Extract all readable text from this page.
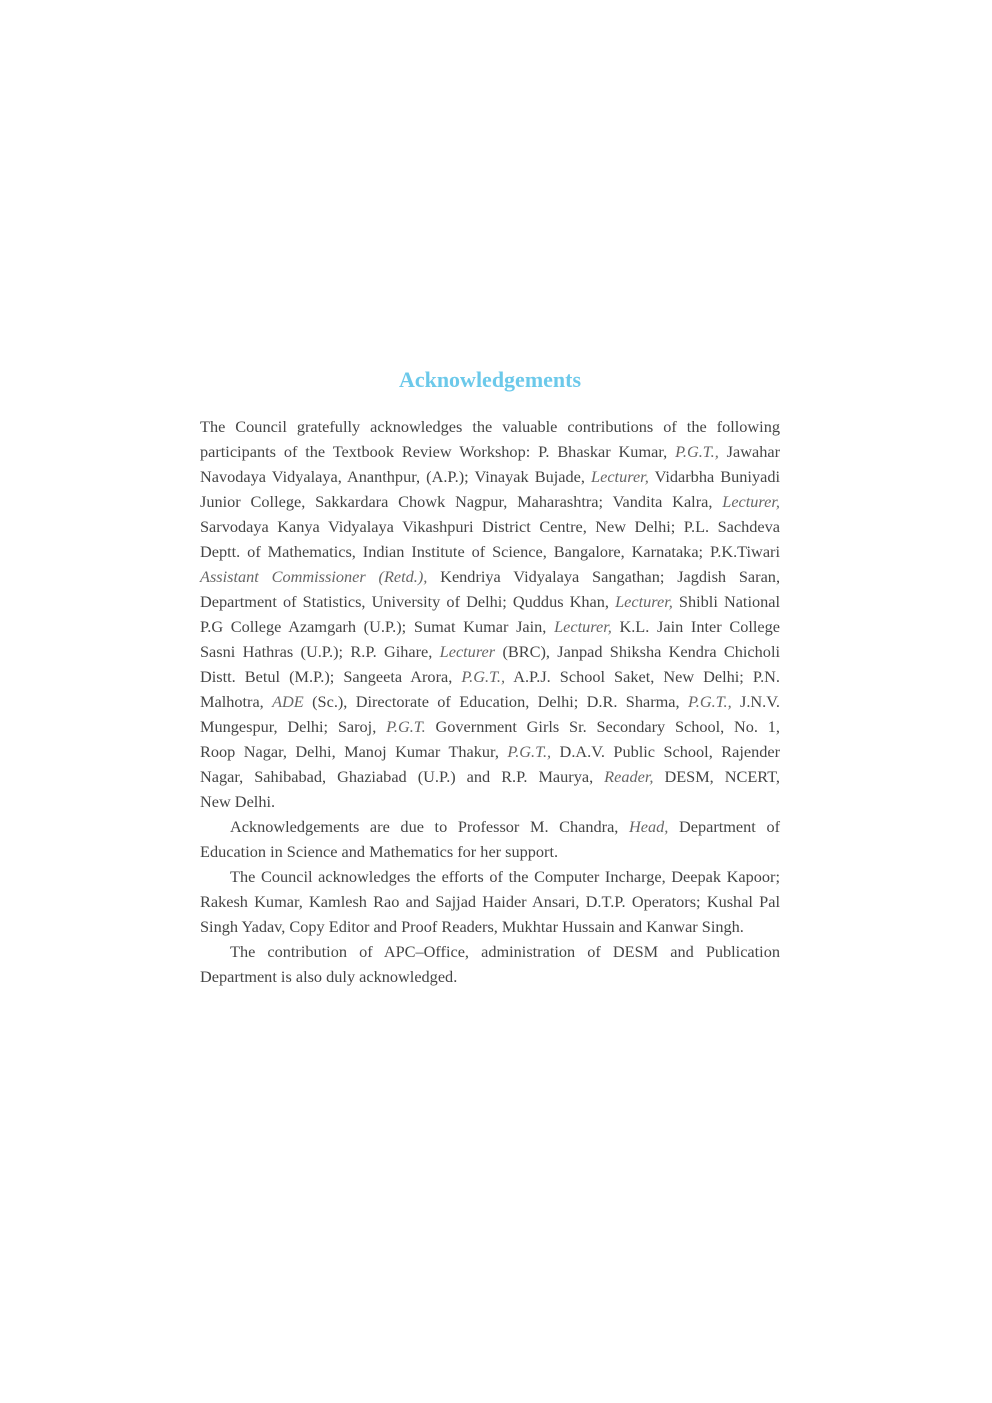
Acknowledgements
The Council gratefully acknowledges the valuable contributions of the following
participants of the Textbook Review Workshop: P. Bhaskar Kumar, P.G.T., Jawahar
Navodaya Vidyalaya, Ananthpur, (A.P.); Vinayak Bujade, Lecturer, Vidarbha Buniyadi
Junior College, Sakkardara Chowk Nagpur, Maharashtra; Vandita Kalra, Lecturer,
Sarvodaya Kanya Vidyalaya Vikashpuri District Centre, New Delhi; P.L. Sachdeva
Deptt. of Mathematics, Indian Institute of Science, Bangalore, Karnataka; P.K.Tiwari
Assistant Commissioner (Retd.), Kendriya Vidyalaya Sangathan; Jagdish Saran,
Department of Statistics, University of Delhi; Quddus Khan, Lecturer, Shibli National
P.G College Azamgarh (U.P.); Sumat Kumar Jain, Lecturer, K.L. Jain Inter College
Sasni Hathras (U.P.); R.P. Gihare, Lecturer (BRC), Janpad Shiksha Kendra Chicholi
Distt. Betul (M.P.); Sangeeta Arora, P.G.T., A.P.J. School Saket, New Delhi; P.N.
Malhotra, ADE (Sc.), Directorate of Education, Delhi; D.R. Sharma, P.G.T., J.N.V.
Mungespur, Delhi; Saroj, P.G.T. Government Girls Sr. Secondary School, No. 1,
Roop Nagar, Delhi, Manoj Kumar Thakur, P.G.T., D.A.V. Public School, Rajender
Nagar, Sahibabad, Ghaziabad (U.P.) and R.P. Maurya, Reader, DESM, NCERT,
New Delhi.
Acknowledgements are due to Professor M. Chandra, Head, Department of
Education in Science and Mathematics for her support.
The Council acknowledges the efforts of the Computer Incharge, Deepak Kapoor;
Rakesh Kumar, Kamlesh Rao and Sajjad Haider Ansari, D.T.P. Operators; Kushal Pal
Singh Yadav, Copy Editor and Proof Readers, Mukhtar Hussain and Kanwar Singh.
The contribution of APC–Office, administration of DESM and Publication
Department is also duly acknowledged.
